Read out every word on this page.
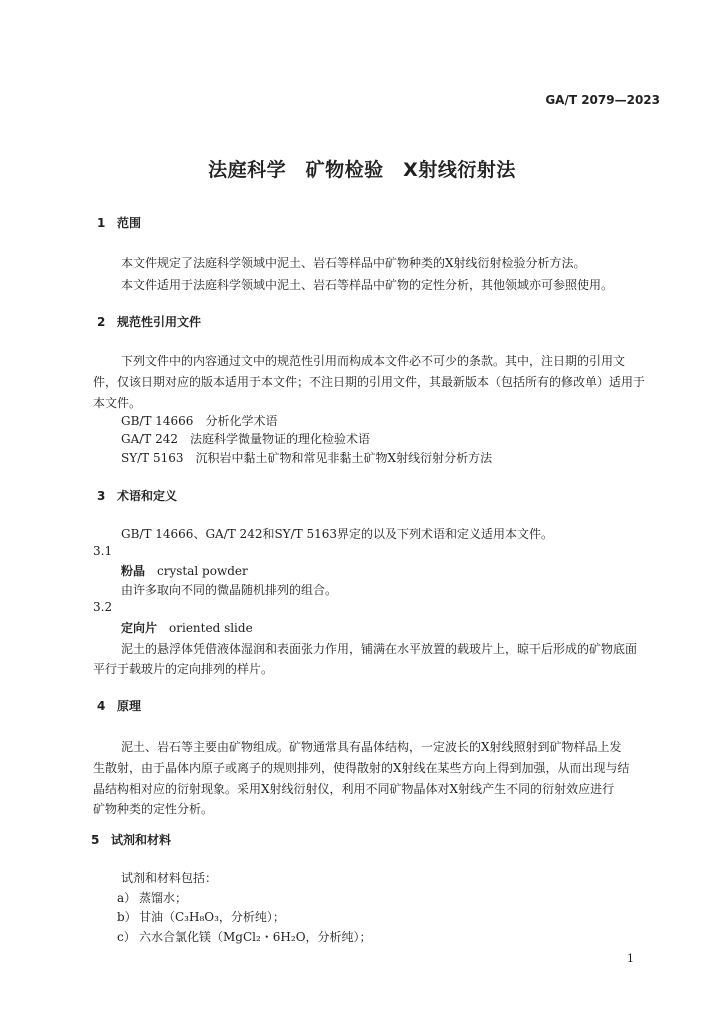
GA/T 2079—2023
法庭科学　矿物检验　X射线衍射法
1 范围
本文件规定了法庭科学领域中泥土、岩石等样品中矿物种类的X射线衍射检验分析方法。
本文件适用于法庭科学领域中泥土、岩石等样品中矿物的定性分析，其他领域亦可参照使用。
2 规范性引用文件
下列文件中的内容通过文中的规范性引用而构成本文件必不可少的条款。其中，注日期的引用文
件，仅该日期对应的版本适用于本文件；不注日期的引用文件，其最新版本（包括所有的修改单）适用于
本文件。
GB/T 14666　分析化学术语
GA/T 242　法庭科学微量物证的理化检验术语
SY/T 5163　沉积岩中黏土矿物和常见非黏土矿物X射线衍射分析方法
3 术语和定义
GB/T 14666、GA/T 242和SY/T 5163界定的以及下列术语和定义适用本文件。
3.1
粉晶 crystal powder
由许多取向不同的微晶随机排列的组合。
3.2
定向片 oriented slide
泥土的悬浮体凭借液体湿润和表面张力作用，铺满在水平放置的载玻片上，晾干后形成的矿物底面
平行于载玻片的定向排列的样片。
4 原理
泥土、岩石等主要由矿物组成。矿物通常具有晶体结构，一定波长的X射线照射到矿物样品上发
生散射，由于晶体内原子或离子的规则排列，使得散射的X射线在某些方向上得到加强，从而出现与结
晶结构相对应的衍射现象。采用X射线衍射仪，利用不同矿物晶体对X射线产生不同的衍射效应进行
矿物种类的定性分析。
5 试剂和材料
试剂和材料包括：
a） 蒸馏水；
b） 甘油（C₃H₈O₃，分析纯）；
c） 六水合氯化镁（MgCl₂・6H₂O，分析纯）；
1
